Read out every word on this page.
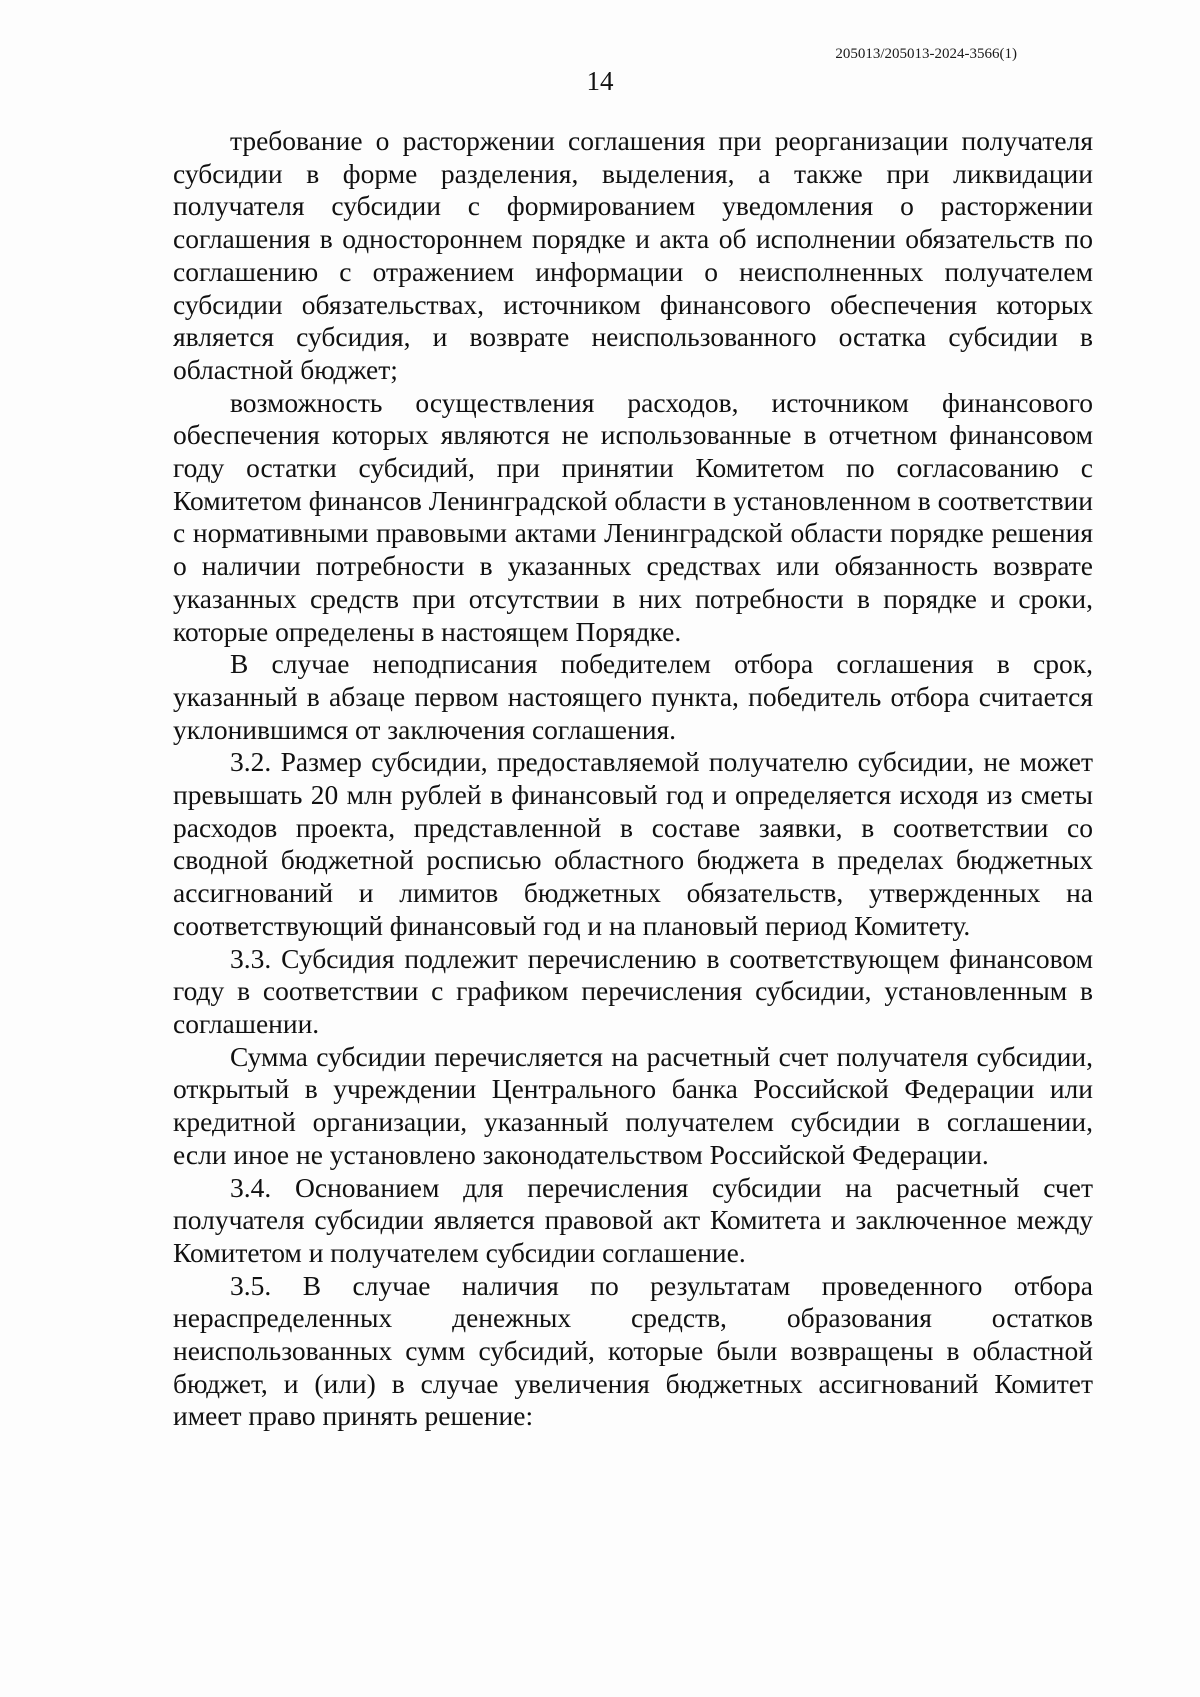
205013/205013-2024-3566(1)
14

требование о расторжении соглашения при реорганизации получателя субсидии в форме разделения, выделения, а также при ликвидации получателя субсидии с формированием уведомления о расторжении соглашения в одностороннем порядке и акта об исполнении обязательств по соглашению с отражением информации о неисполненных получателем субсидии обязательствах, источником финансового обеспечения которых является субсидия, и возврате неиспользованного остатка субсидии в областной бюджет;

возможность осуществления расходов, источником финансового обеспечения которых являются не использованные в отчетном финансовом году остатки субсидий, при принятии Комитетом по согласованию с Комитетом финансов Ленинградской области в установленном в соответствии с нормативными правовыми актами Ленинградской области порядке решения о наличии потребности в указанных средствах или обязанность возврате указанных средств при отсутствии в них потребности в порядке и сроки, которые определены в настоящем Порядке.

В случае неподписания победителем отбора соглашения в срок, указанный в абзаце первом настоящего пункта, победитель отбора считается уклонившимся от заключения соглашения.

3.2. Размер субсидии, предоставляемой получателю субсидии, не может превышать 20 млн рублей в финансовый год и определяется исходя из сметы расходов проекта, представленной в составе заявки, в соответствии со сводной бюджетной росписью областного бюджета в пределах бюджетных ассигнований и лимитов бюджетных обязательств, утвержденных на соответствующий финансовый год и на плановый период Комитету.

3.3. Субсидия подлежит перечислению в соответствующем финансовом году в соответствии с графиком перечисления субсидии, установленным в соглашении.

Сумма субсидии перечисляется на расчетный счет получателя субсидии, открытый в учреждении Центрального банка Российской Федерации или кредитной организации, указанный получателем субсидии в соглашении, если иное не установлено законодательством Российской Федерации.

3.4. Основанием для перечисления субсидии на расчетный счет получателя субсидии является правовой акт Комитета и заключенное между Комитетом и получателем субсидии соглашение.

3.5. В случае наличия по результатам проведенного отбора нераспределенных денежных средств, образования остатков неиспользованных сумм субсидий, которые были возвращены в областной бюджет, и (или) в случае увеличения бюджетных ассигнований Комитет имеет право принять решение:
